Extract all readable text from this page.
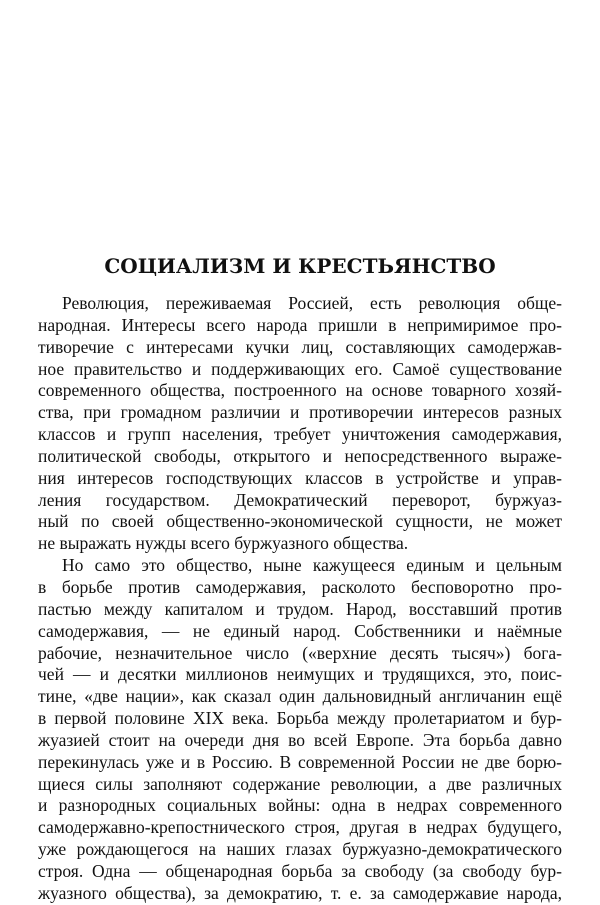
СОЦИАЛИЗМ И КРЕСТЬЯНСТВО
Революция, переживаемая Россией, есть революция обще-
народная. Интересы всего народа пришли в непримиримое про-
тиворечие с интересами кучки лиц, составляющих самодержав-
ное правительство и поддерживающих его. Самоё существование
современного общества, построенного на основе товарного хозяй-
ства, при громадном различии и противоречии интересов разных
классов и групп населения, требует уничтожения самодержавия,
политической свободы, открытого и непосредственного выраже-
ния интересов господствующих классов в устройстве и управ-
ления государством. Демократический переворот, буржуаз-
ный по своей общественно-экономической сущности, не может
не выражать нужды всего буржуазного общества.
Но само это общество, ныне кажущееся единым и цельным
в борьбе против самодержавия, расколото бесповоротно про-
пастью между капиталом и трудом. Народ, восставший против
самодержавия, — не единый народ. Собственники и наёмные
рабочие, незначительное число («верхние десять тысяч») бога-
чей — и десятки миллионов неимущих и трудящихся, это, поис-
тине, «две нации», как сказал один дальновидный англичанин ещё
в первой половине XIX века. Борьба между пролетариатом и бур-
жуазией стоит на очереди дня во всей Европе. Эта борьба давно
перекинулась уже и в Россию. В современной России не две борю-
щиеся силы заполняют содержание революции, а две различных
и разнородных социальных войны: одна в недрах современного
самодержавно-крепостнического строя, другая в недрах будущего,
уже рождающегося на наших глазах буржуазно-демократического
строя. Одна — общенародная борьба за свободу (за свободу бур-
жуазного общества), за демократию, т. е. за самодержавие народа,
